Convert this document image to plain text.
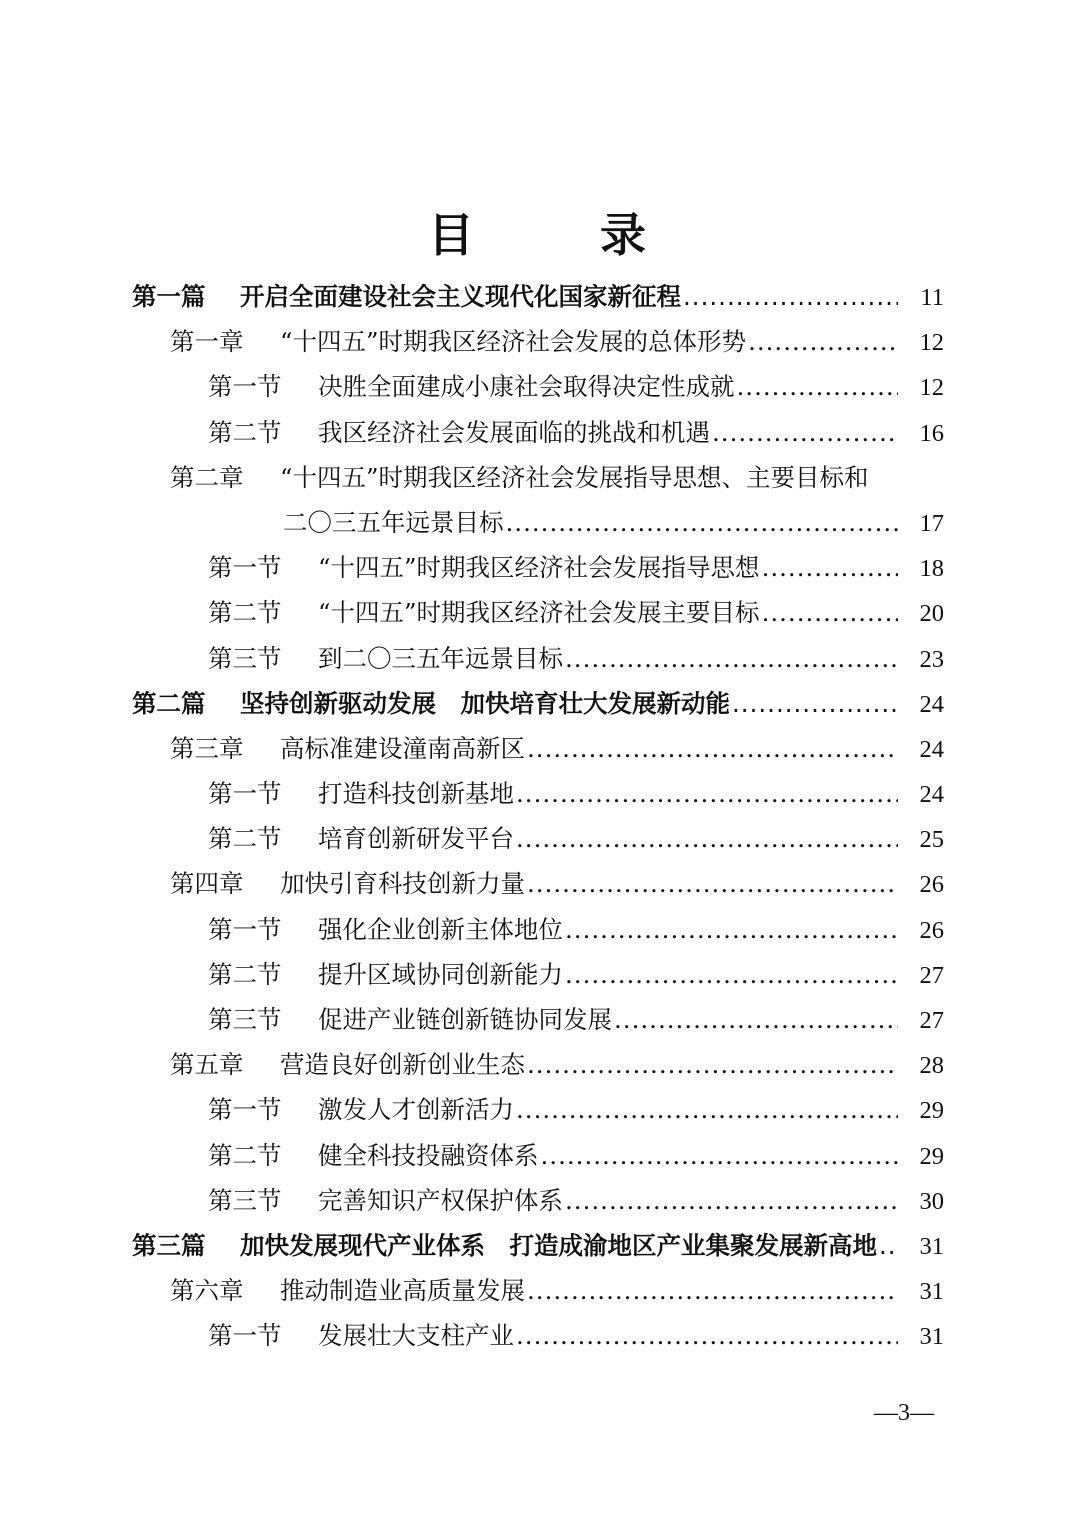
目　录
第一篇	开启全面建设社会主义现代化国家新征程 .....	11
第一章	“十四五”时期我区经济社会发展的总体形势 .....	12
第一节	决胜全面建成小康社会取得决定性成就 .....	12
第二节	我区经济社会发展面临的挑战和机遇 .....	16
第二章	“十四五”时期我区经济社会发展指导思想、主要目标和
二〇三五年远景目标 .....	17
第一节	“十四五”时期我区经济社会发展指导思想 .....	18
第二节	“十四五”时期我区经济社会发展主要目标 .....	20
第三节	到二〇三五年远景目标 .....	23
第二篇	坚持创新驱动发展　加快培育壮大发展新动能 .....	24
第三章	高标准建设潼南高新区 .....	24
第一节	打造科技创新基地 .....	24
第二节	培育创新研发平台 .....	25
第四章	加快引育科技创新力量 .....	26
第一节	强化企业创新主体地位 .....	26
第二节	提升区域协同创新能力 .....	27
第三节	促进产业链创新链协同发展 .....	27
第五章	营造良好创新创业生态 .....	28
第一节	激发人才创新活力 .....	29
第二节	健全科技投融资体系 .....	29
第三节	完善知识产权保护体系 .....	30
第三篇	加快发展现代产业体系　打造成渝地区产业集聚发展新高地 .....	31
第六章	推动制造业高质量发展 .....	31
第一节	发展壮大支柱产业 .....	31
—3—
